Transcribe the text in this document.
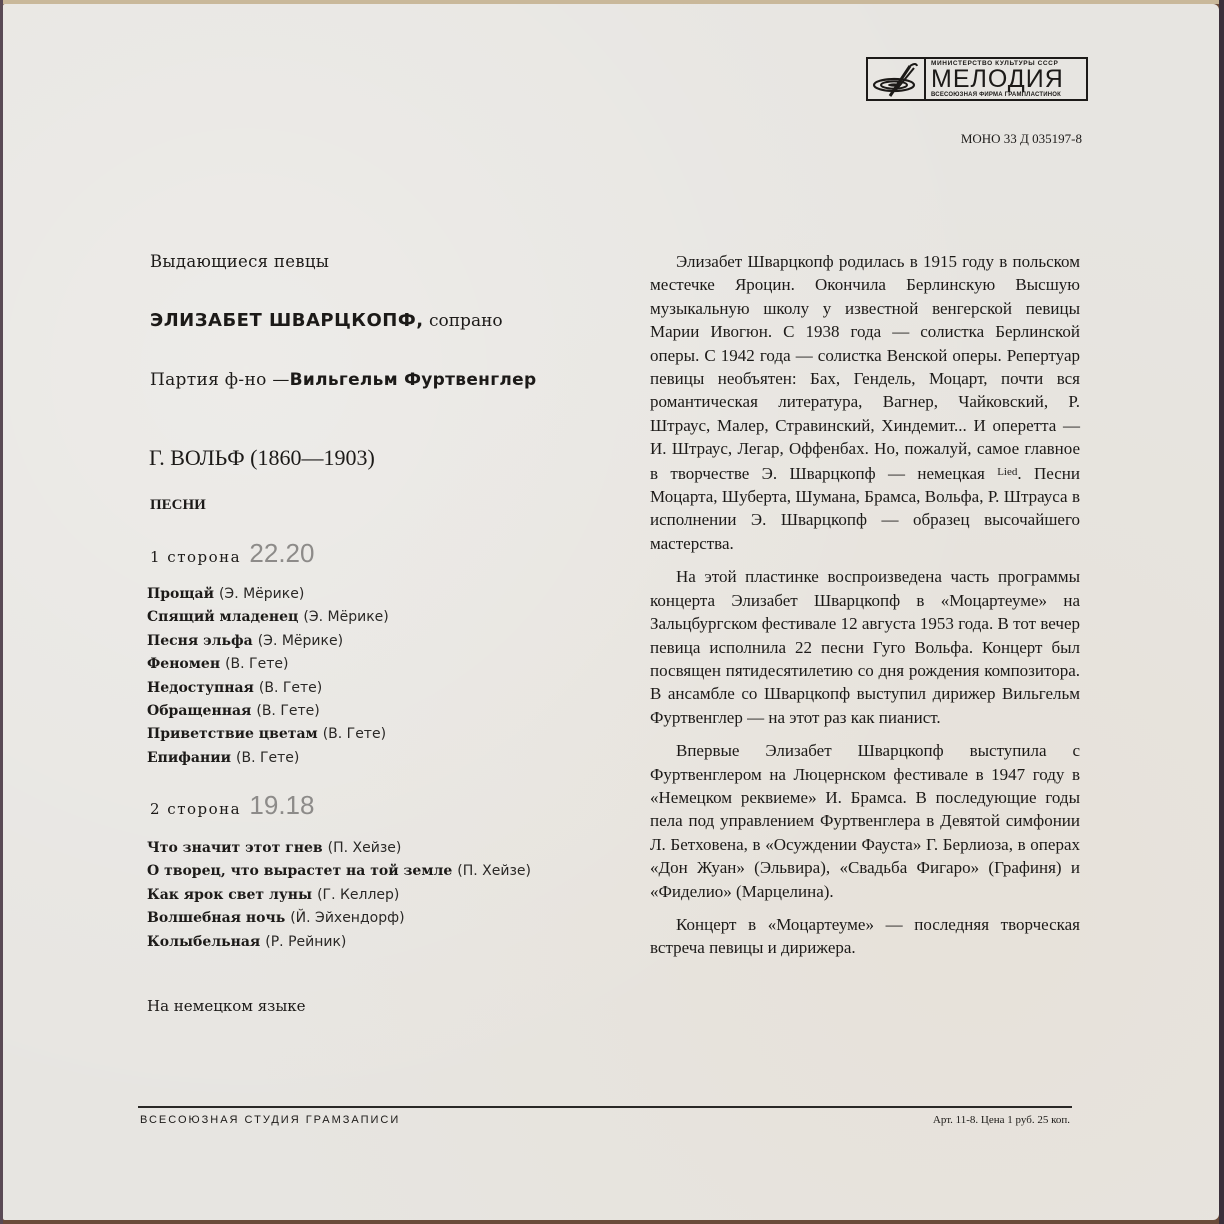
МИНИСТЕРСТВО КУЛЬТУРЫ СССР
МЕЛОДИЯ
ВСЕСОЮЗНАЯ ФИРМА ГРАМПЛАСТИНОК
МОНО 33 Д 035197-8
Выдающиеся певцы
ЭЛИЗАБЕТ ШВАРЦКОПФ, сопрано
Партия ф-но —Вильгельм Фуртвенглер
Г. ВОЛЬФ (1860—1903)
ПЕСНИ
1 сторона 22.20
Прощай (Э. Мёрике)
Спящий младенец (Э. Мёрике)
Песня эльфа (Э. Мёрике)
Феномен (В. Гете)
Недоступная (В. Гете)
Обращенная (В. Гете)
Приветствие цветам (В. Гете)
Епифании (В. Гете)
2 сторона 19.18
Что значит этот гнев (П. Хейзе)
О творец, что вырастет на той земле (П. Хейзе)
Как ярок свет луны (Г. Келлер)
Волшебная ночь (Й. Эйхендорф)
Колыбельная (Р. Рейник)
На немецком языке

Элизабет Шварцкопф родилась в 1915 году в польском местечке Яроцин. Окончила Берлинскую Высшую музыкальную школу у известной венгерской певицы Марии Ивогюн. С 1938 года — солистка Берлинской оперы. С 1942 года — солистка Венской оперы. Репертуар певицы необъятен: Бах, Гендель, Моцарт, почти вся романтическая литература, Вагнер, Чайковский, Р. Штраус, Малер, Стравинский, Хиндемит... И оперетта — И. Штраус, Легар, Оффенбах. Но, пожалуй, самое главное в творчестве Э. Шварцкопф — немецкая $^{Lied}$. Песни Моцарта, Шуберта, Шумана, Брамса, Вольфа, Р. Штрауса в исполнении Э. Шварцкопф — образец высочайшего мастерства.

На этой пластинке воспроизведена часть программы концерта Элизабет Шварцкопф в «Моцартеуме» на Зальцбургском фестивале 12 августа 1953 года. В тот вечер певица исполнила 22 песни Гуго Вольфа. Концерт был посвящен пятидесятилетию со дня рождения композитора. В ансамбле со Шварцкопф выступил дирижер Вильгельм Фуртвенглер — на этот раз как пианист.

Впервые Элизабет Шварцкопф выступила с Фуртвенглером на Люцернском фестивале в 1947 году в «Немецком реквиеме» И. Брамса. В последующие годы пела под управлением Фуртвенглера в Девятой симфонии Л. Бетховена, в «Осуждении Фауста» Г. Берлиоза, в операх «Дон Жуан» (Эльвира), «Свадьба Фигаро» (Графиня) и «Фиделио» (Марцелина).

Концерт в «Моцартеуме» — последняя творческая встреча певицы и дирижера.

ВСЕСОЮЗНАЯ СТУДИЯ ГРАМЗАПИСИ	Арт. 11-8. Цена 1 руб. 25 коп.
